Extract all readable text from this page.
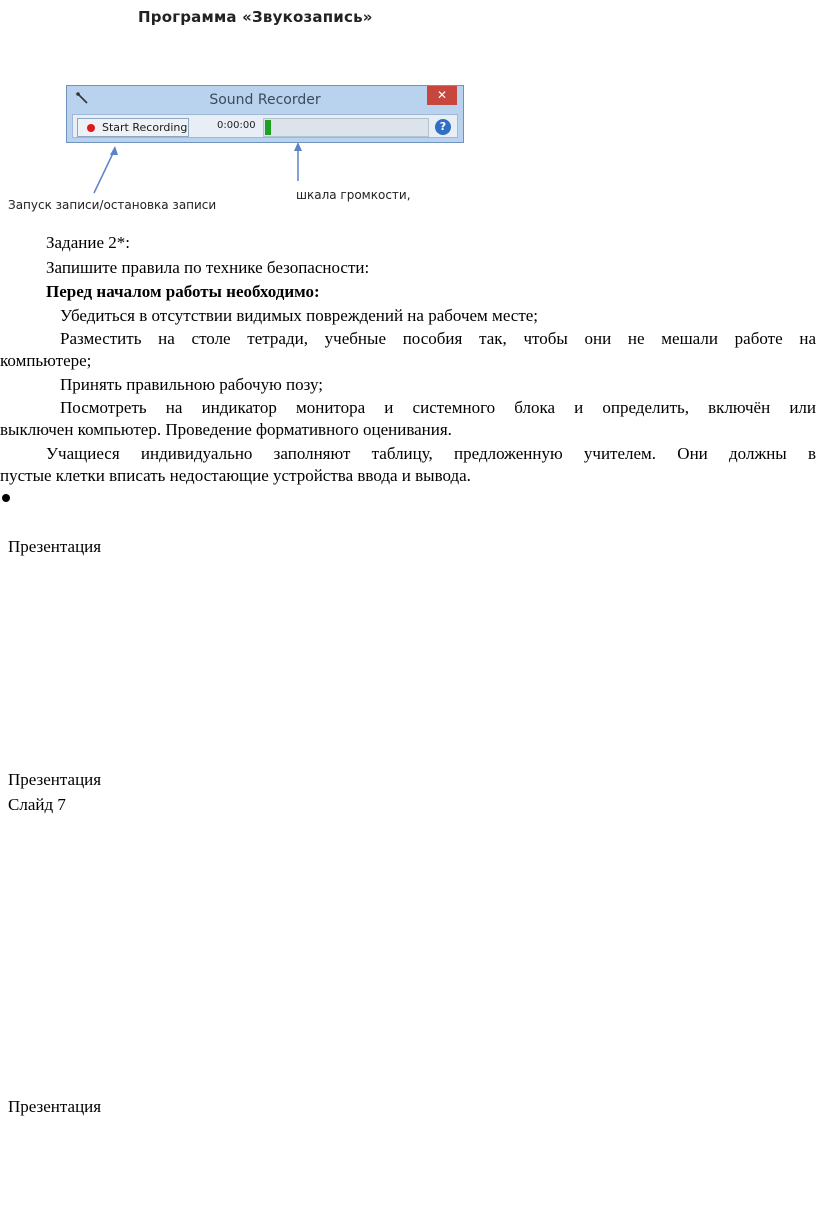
Программа «Звукозапись»
Sound Recorder	✕
Start Recording	0:00:00	?
Запуск записи/остановка записи
шкала громкости,
Задание 2*:
Запишите правила по технике безопасности:
Перед началом работы необходимо:
Убедиться в отсутствии видимых повреждений на рабочем месте;
Разместить на столе тетради, учебные пособия так, чтобы они не мешали работе на
компьютере;
Принять правильною рабочую позу;
Посмотреть на индикатор монитора и системного блока и определить, включён или
выключен компьютер. Проведение формативного оценивания.
Учащиеся индивидуально заполняют таблицу, предложенную учителем. Они должны в
пустые клетки вписать недостающие устройства ввода и вывода.
Презентация
Презентация
Слайд 7
Презентация
